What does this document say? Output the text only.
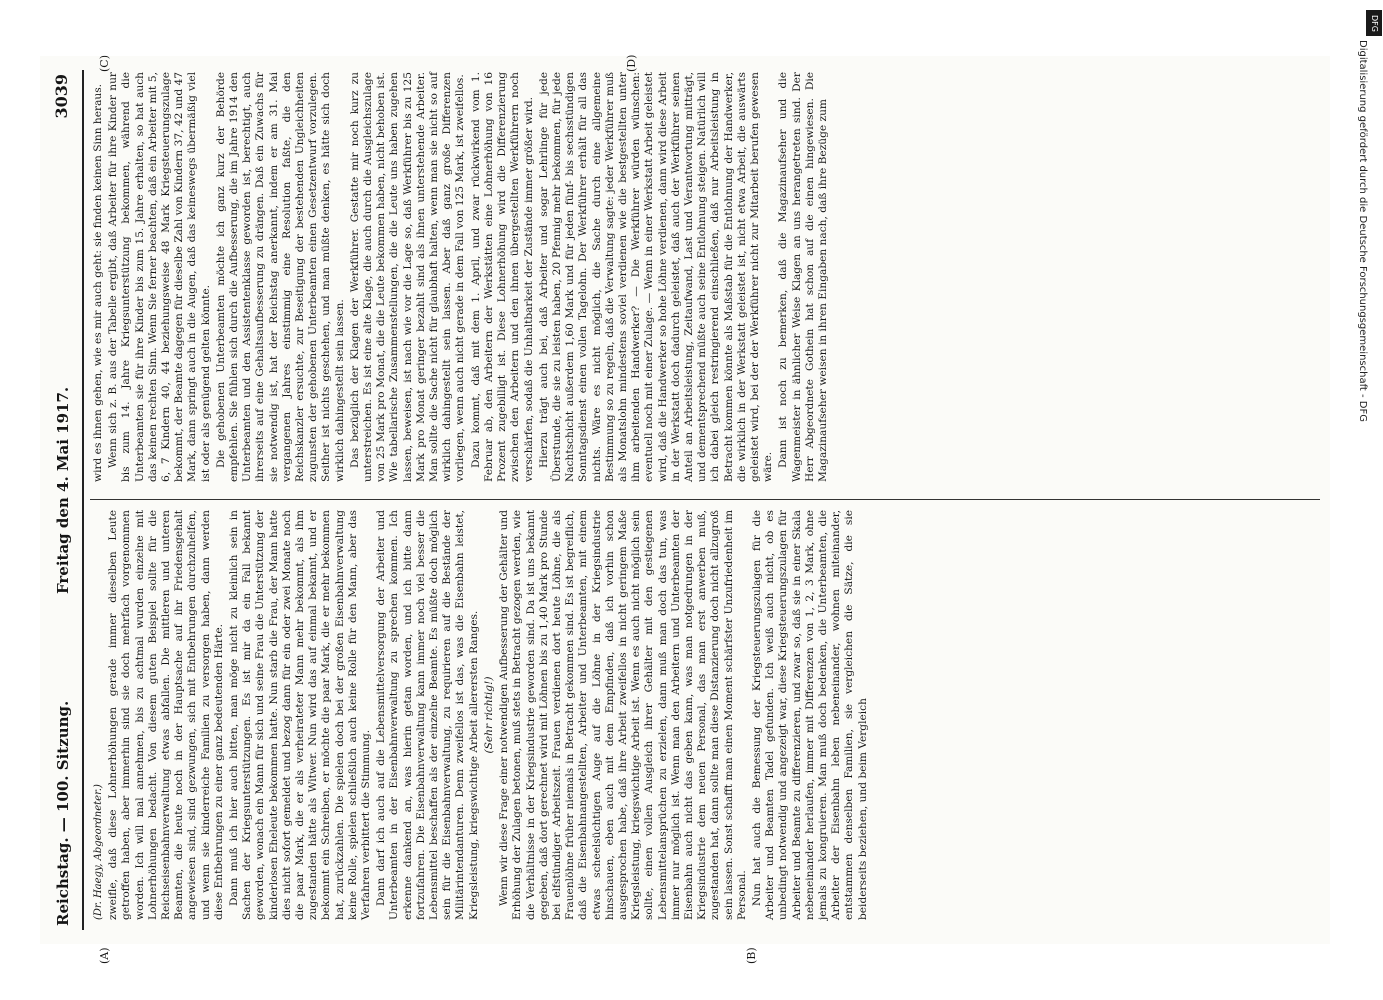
Reichstag. — 100. Sitzung.
Freitag den 4. Mai 1917.
3039
(A)	(B)
(C)	(D)

(Dr. Haegy, Abgeordneter.) zweifle, daß diese Lohnerhöhungen gerade immer dieselben Leute getroffen haben, aber immerhin sind sie doch mehrfach vorgenommen worden. Ich will mal annehmen, bis zu achtmal wurden einzelne mit Lohnerhöhungen bedacht. Von diesem guten Beispiel sollte für die Reichseisenbahnverwaltung etwas abfallen. Die mittleren und unteren Beamten, die heute noch in der Hauptsache auf ihr Friedensgehalt angewiesen sind, sind gezwungen, sich mit Entbehrungen durchzuhelfen, und wenn sie kinderreiche Familien zu versorgen haben, dann werden diese Entbehrungen zu einer ganz bedeutenden Härte. Dann muß ich hier auch bitten, man möge nicht zu kleinlich sein in Sachen der Kriegsunterstützungen. Es ist mir da ein Fall bekannt geworden, wonach ein Mann für sich und seine Frau die Unterstützung der kinderlosen Eheleute bekommen hatte. Nun starb die Frau, der Mann hatte dies nicht sofort gemeldet und bezog dann für ein oder zwei Monate noch die paar Mark, die er als verheirateter Mann mehr bekommt, als ihm zugestanden hätte als Witwer. Nun wird das auf einmal bekannt, und er bekommt ein Schreiben, er möchte die paar Mark, die er mehr bekommen hat, zurückzahlen. Die spielen doch bei der großen Eisenbahnverwaltung keine Rolle, spielen schließlich auch keine Rolle für den Mann, aber das Verfahren verbittert die Stimmung. Dann darf ich auch auf die Lebensmittelversorgung der Arbeiter und Unterbeamten in der Eisenbahnverwaltung zu sprechen kommen. Ich erkenne dankend an, was hierin getan worden, und ich bitte dann fortzufahren. Die Eisenbahnverwaltung kann immer noch viel besser die Lebensmittel beschaffen als der einzelne Beamte. Es müßte doch möglich sein für die Eisenbahnverwaltung, zu requirieren auf die Bestände der Militärintendanturen. Denn zweifellos ist das, was die Eisenbahn leistet, Kriegsleistung, kriegswichtige Arbeit allerersten Ranges. (Sehr richtig!) Wenn wir diese Frage einer notwendigen Aufbesserung der Gehälter und Erhöhung der Zulagen betonen, muß stets in Betracht gezogen werden, wie die Verhältnisse in der Kriegsindustrie geworden sind. Da ist uns bekannt gegeben, daß dort gerechnet wird mit Löhnen bis zu 1,40 Mark pro Stunde bei elfstündiger Arbeitszeit. Frauen verdienen dort heute Löhne, die als Frauenlöhne früher niemals in Betracht gekommen sind. Es ist begreiflich, daß die Eisenbahnangestellten, Arbeiter und Unterbeamten, mit einem etwas scheelsüchtigen Auge auf die Löhne in der Kriegsindustrie hinschauen, eben auch mit dem Empfinden, daß ich vorhin schon ausgesprochen habe, daß ihre Arbeit zweifellos in nicht geringem Maße Kriegsleistung, kriegswichtige Arbeit ist. Wenn es auch nicht möglich sein sollte, einen vollen Ausgleich ihrer Gehälter mit den gestiegenen Lebensmittelansprüchen zu erzielen, dann muß man doch das tun, was immer nur möglich ist. Wenn man den Arbeitern und Unterbeamten der Eisenbahn auch nicht das geben kann, was man notgedrungen in der Kriegsindustrie dem neuen Personal, das man erst anwerben muß, zugestanden hat, dann sollte man diese Distanzierung doch nicht allzugroß sein lassen. Sonst schafft man einen Moment schärfster Unzufriedenheit im Personal. Nun hat auch die Bemessung der Kriegsteuerungszulagen für die Arbeiter und Beamten Tadel gefunden. Ich weiß auch nicht, ob es unbedingt notwendig und angezeigt war, diese Kriegsteuerungszulagen für Arbeiter und Beamte zu differenzieren, und zwar so, daß sie in einer Skala nebeneinander herlaufen, immer mit Differenzen von 1, 2, 3 Mark, ohne jemals zu kongruieren. Man muß doch bedenken, die Unterbeamten, die Arbeiter der Eisenbahn leben nebeneinander, wohnen miteinander, entstammen denselben Familien, sie vergleichen die Sätze, die sie beiderseits beziehen, und beim Vergleich

wird es ihnen gehen, wie es mir auch geht: sie finden keinen Sinn heraus. Wenn sich z. B. aus der Tabelle ergibt, daß Arbeiter für ihre Kinder nur bis zum 14. Jahre Kriegsunterstützung bekommen, während die Unterbeamten sie für ihre Kinder bis zum 15. Jahre erhalten, so hat auch das keinen rechten Sinn. Wenn Sie ferner beachten, daß ein Arbeiter mit 5, 6, 7 Kindern 40, 44 beziehungsweise 48 Mark Kriegsteuerungszulage bekommt, der Beamte dagegen für dieselbe Zahl von Kindern 37, 42 und 47 Mark, dann springt auch in die Augen, daß das keineswegs übermäßig viel ist oder als genügend gelten könnte. Die gehobenen Unterbeamten möchte ich ganz kurz der Behörde empfehlen. Sie fühlen sich durch die Aufbesserung, die im Jahre 1914 den Unterbeamten und den Assistentenklasse geworden ist, berechtigt, auch ihrerseits auf eine Gehaltsaufbesserung zu drängen. Daß ein Zuwachs für sie notwendig ist, hat der Reichstag anerkannt, indem er am 31. Mai vergangenen Jahres einstimmig eine Resolution faßte, die den Reichskanzler ersuchte, zur Beseitigung der bestehenden Ungleichheiten zugunsten der gehobenen Unterbeamten einen Gesetzentwurf vorzulegen. Seither ist nichts geschehen, und man müßte denken, es hätte sich doch wirklich dahingestellt sein lassen. Das bezüglich der Klagen der Werkführer. Gestatte mir noch kurz zu unterstreichen. Es ist eine alte Klage, die auch durch die Ausgleichszulage von 25 Mark pro Monat, die die Leute bekommen haben, nicht behoben ist. Wie tabellarische Zusammenstellungen, die die Leute uns haben zugehen lassen, beweisen, ist nach wie vor die Lage so, daß Werkführer bis zu 125 Mark pro Monat geringer bezahlt sind als ihnen unterstehende Arbeiter. Man sollte die Sache nicht für glaubhaft halten, wenn man sie nicht so auf wirklich dahingestellt sein lassen. Aber daß ganz große Differenzen vorliegen, wenn auch nicht gerade in dem Fall von 125 Mark, ist zweifellos. Dazu kommt, daß mit dem 1. April, und zwar rückwirkend vom 1. Februar ab, den Arbeitern der Werkstätten eine Lohnerhöhung von 16 Prozent zugebilligt ist. Diese Lohnerhöhung wird die Differenzierung zwischen den Arbeitern und den ihnen übergestellten Werkführern noch verschärfen, sodaß die Unhaltbarkeit der Zustände immer größer wird. Hierzu trägt auch bei, daß Arbeiter und sogar Lehrlinge für jede Überstunde, die sie zu leisten haben, 20 Pfennig mehr bekommen, für jede Nachtschicht außerdem 1,60 Mark und für jeden fünf- bis sechsstündigen Sonntagsdienst einen vollen Tagelohn. Der Werkführer erhält für all das nichts. Wäre es nicht möglich, die Sache durch eine allgemeine Bestimmung so zu regeln, daß die Verwaltung sagte: jeder Werkführer muß als Monatslohn mindestens soviel verdienen wie die bestgestellten unter ihm arbeitenden Handwerker? — Die Werkführer würden wünschen: eventuell noch mit einer Zulage. — Wenn in einer Werkstatt Arbeit geleistet wird, daß die Handwerker so hohe Löhne verdienen, dann wird diese Arbeit in der Werkstatt doch dadurch geleistet, daß auch der Werkführer seinen Anteil an Arbeitsleistung, Zeitaufwand, Last und Verantwortung mitträgt, und dementsprechend müßte auch seine Entlohnung steigen. Natürlich will ich dabei gleich restringierend einschließen, daß nur Arbeitsleistung in Betracht kommen könnte als Maßstab für die Entlohnung der Handwerker, die wirklich in der Werkstatt geleistet ist, nicht etwa Arbeit, die auswärts geleistet wird, bei der der Werkführer nicht zur Mitarbeit berufen gewesen wäre. Dann ist noch zu bemerken, daß die Magazinaufseher und die Wagenmeister in ähnlicher Weise Klagen an uns herangetreten sind. Der Herr Abgeordnete Gothein hat schon auf die einen hingewiesen. Die Magazinaufseher weisen in ihren Eingaben nach, daß ihre Bezüge zum

DFG
Digitalisierung gefördert durch die Deutsche Forschungsgemeinschaft - DFG
